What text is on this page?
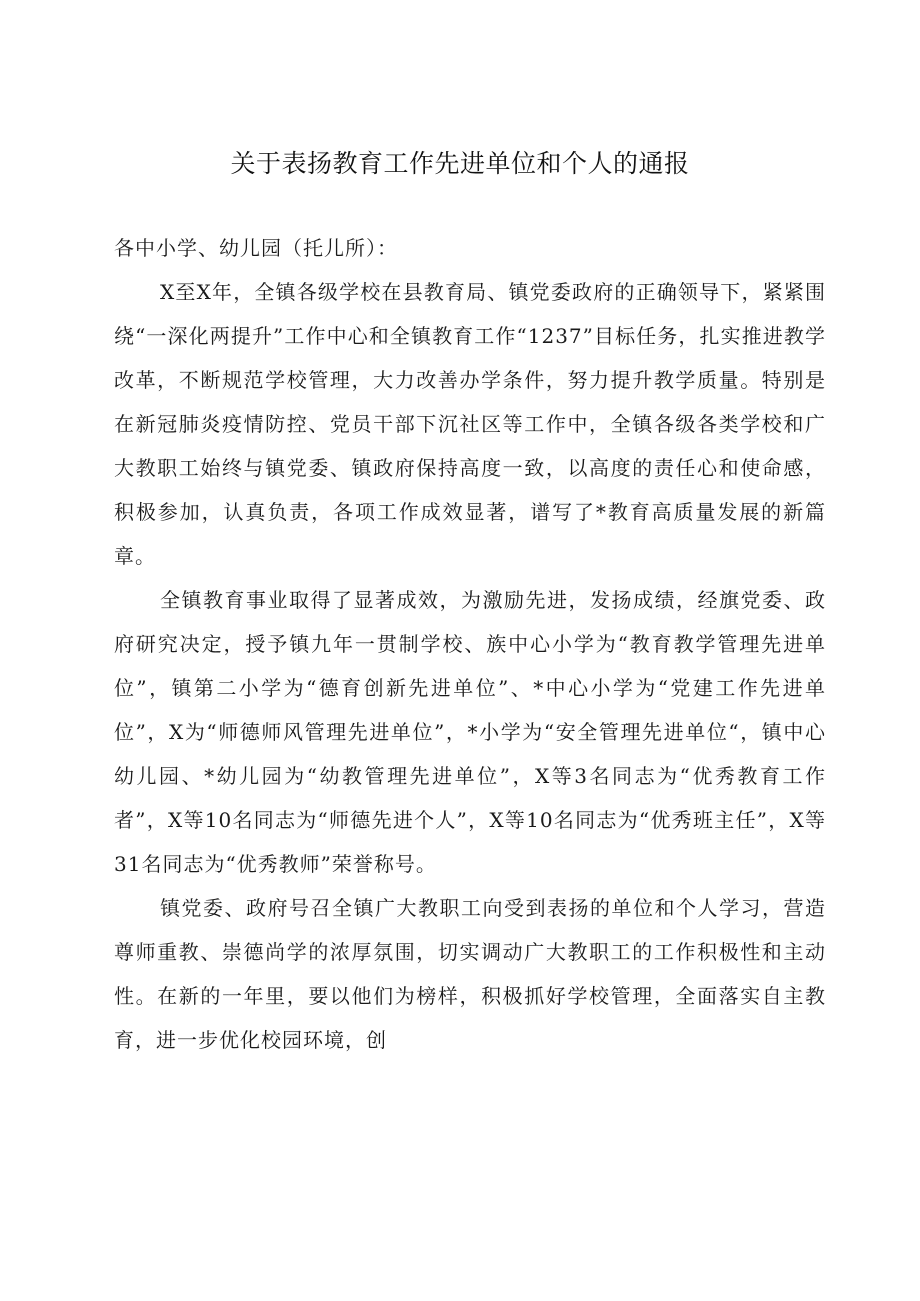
关于表扬教育工作先进单位和个人的通报

各中小学、幼儿园（托儿所）：

X至X年，全镇各级学校在县教育局、镇党委政府的正确领导下，紧紧围绕“一深化两提升”工作中心和全镇教育工作“1237”目标任务，扎实推进教学改革，不断规范学校管理，大力改善办学条件，努力提升教学质量。特别是在新冠肺炎疫情防控、党员干部下沉社区等工作中，全镇各级各类学校和广大教职工始终与镇党委、镇政府保持高度一致，以高度的责任心和使命感，积极参加，认真负责，各项工作成效显著，谱写了*教育高质量发展的新篇章。

全镇教育事业取得了显著成效，为激励先进，发扬成绩，经旗党委、政府研究决定，授予镇九年一贯制学校、族中心小学为“教育教学管理先进单位”，镇第二小学为“德育创新先进单位”、*中心小学为“党建工作先进单位”，X为“师德师风管理先进单位”，*小学为“安全管理先进单位“，镇中心幼儿园、*幼儿园为“幼教管理先进单位”，X等3名同志为“优秀教育工作者”，X等10名同志为“师德先进个人”，X等10名同志为“优秀班主任”，X等31名同志为“优秀教师”荣誉称号。

镇党委、政府号召全镇广大教职工向受到表扬的单位和个人学习，营造尊师重教、崇德尚学的浓厚氛围，切实调动广大教职工的工作积极性和主动性。在新的一年里，要以他们为榜样，积极抓好学校管理，全面落实自主教育，进一步优化校园环境，创
